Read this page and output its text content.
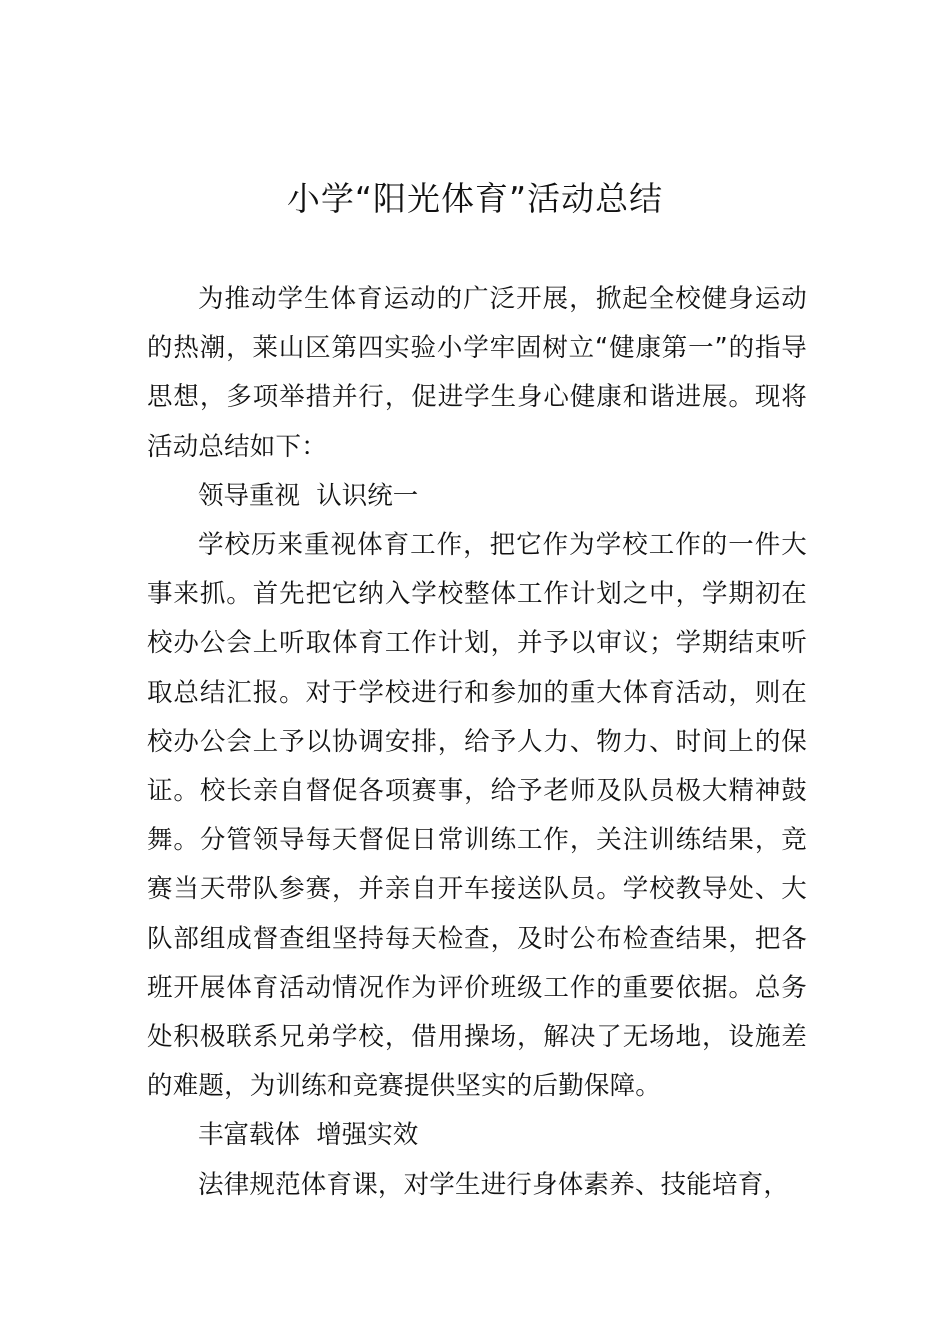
小学“阳光体育”活动总结

为推动学生体育运动的广泛开展，掀起全校健身运动的热潮，莱山区第四实验小学牢固树立“健康第一”的指导思想，多项举措并行，促进学生身心健康和谐进展。现将活动总结如下：

领导重视  认识统一

学校历来重视体育工作，把它作为学校工作的一件大事来抓。首先把它纳入学校整体工作计划之中，学期初在校办公会上听取体育工作计划，并予以审议；学期结束听取总结汇报。对于学校进行和参加的重大体育活动，则在校办公会上予以协调安排，给予人力、物力、时间上的保证。校长亲自督促各项赛事，给予老师及队员极大精神鼓舞。分管领导每天督促日常训练工作，关注训练结果，竞赛当天带队参赛，并亲自开车接送队员。学校教导处、大队部组成督查组坚持每天检查，及时公布检查结果，把各班开展体育活动情况作为评价班级工作的重要依据。总务处积极联系兄弟学校，借用操场，解决了无场地，设施差的难题，为训练和竞赛提供坚实的后勤保障。

丰富载体  增强实效

法律规范体育课，对学生进行身体素养、技能培育，
